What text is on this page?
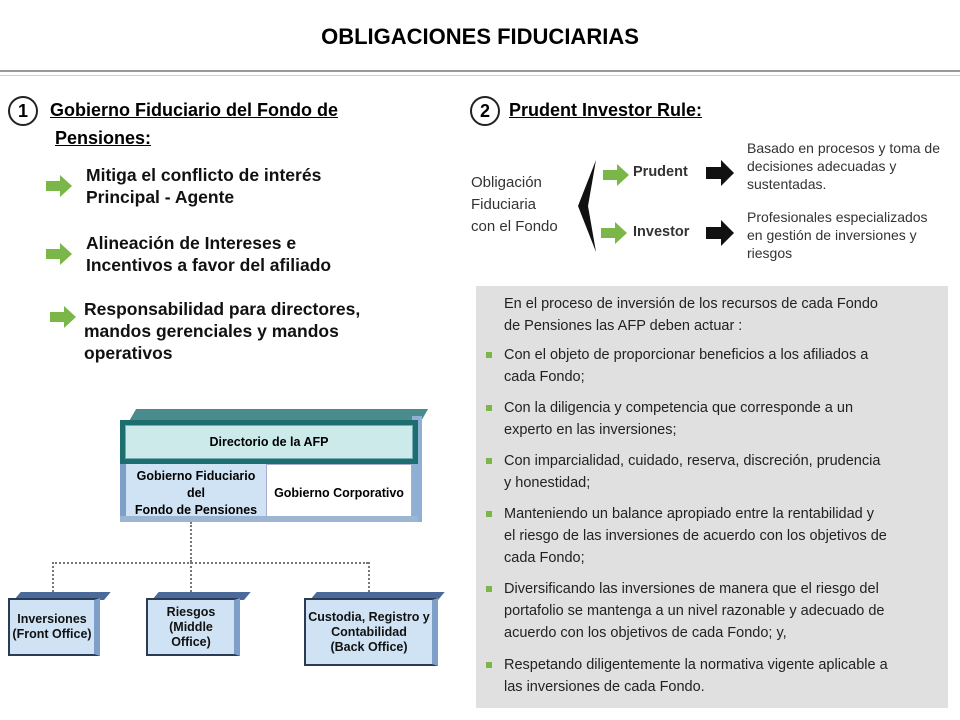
OBLIGACIONES FIDUCIARIAS
1	Gobierno Fiduciario del Fondo de
Pensiones:
Mitiga el conflicto de interés
Principal - Agente
Alineación de Intereses e
Incentivos a favor del afiliado
Responsabilidad para directores,
mandos gerenciales y mandos
operativos
2	Prudent Investor Rule:
Obligación
Fiduciaria
con el Fondo
Prudent
Investor
Basado en procesos y toma de
decisiones adecuadas y
sustentadas.
Profesionales especializados
en gestión de inversiones y
riesgos
En el proceso de inversión de los recursos de cada Fondo
de Pensiones las AFP deben actuar :
Con el objeto de proporcionar beneficios a los afiliados a
cada Fondo;
Con la diligencia y competencia que corresponde a un
experto en las inversiones;
Con imparcialidad, cuidado, reserva, discreción, prudencia
y honestidad;
Manteniendo un balance apropiado entre la rentabilidad y
el riesgo de las inversiones de acuerdo con los objetivos de
cada Fondo;
Diversificando las inversiones de manera que el riesgo del
portafolio se mantenga a un nivel razonable y adecuado de
acuerdo con los objetivos de cada Fondo; y,
Respetando diligentemente la normativa vigente aplicable a
las inversiones de cada Fondo.
Directorio de la AFP
Gobierno Fiduciario del
Fondo de Pensiones
Gobierno Corporativo
Inversiones
(Front Office)
Riesgos
(Middle Office)
Custodia, Registro y
Contabilidad
(Back Office)
